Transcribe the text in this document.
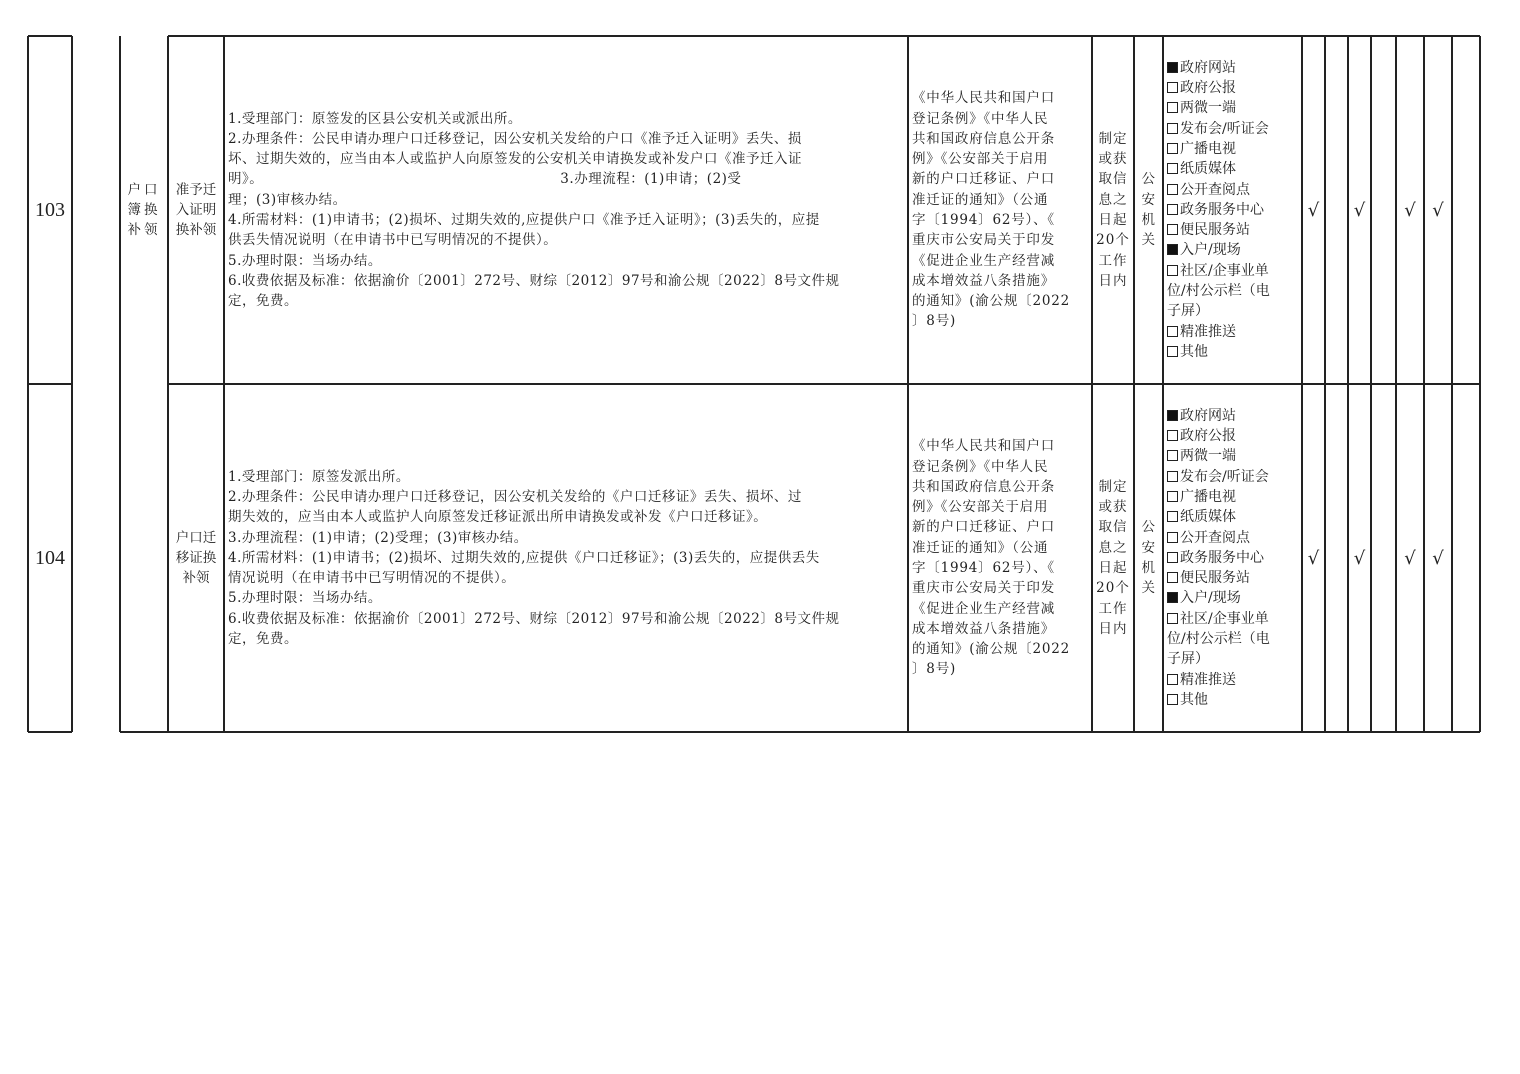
103
户口
簿换
补领
准予迁
入证明
换补领
1.受理部门：原签发的区县公安机关或派出所。
2.办理条件：公民申请办理户口迁移登记，因公安机关发给的户口《准予迁入证明》丢失、损
坏、过期失效的，应当由本人或监护人向原签发的公安机关申请换发或补发户口《准予迁入证
明》。                                                              3.办理流程：(1)申请；(2)受
理；(3)审核办结。
4.所需材料：(1)申请书；(2)损坏、过期失效的,应提供户口《准予迁入证明》；(3)丢失的，应提
供丢失情况说明（在申请书中已写明情况的不提供）。
5.办理时限：当场办结。
6.收费依据及标准：依据渝价〔2001〕272号、财综〔2012〕97号和渝公规〔2022〕8号文件规
定，免费。
《中华人民共和国户口
登记条例》《中华人民
共和国政府信息公开条
例》《公安部关于启用
新的户口迁移证、户口
准迁证的通知》（公通
字〔1994〕62号）、《
重庆市公安局关于印发
《促进企业生产经营减
成本增效益八条措施》
的通知》(渝公规〔2022
〕8号)
制定
或获
取信
息之
日起
20个
工作
日内
公
安
机
关
政府网站
政府公报
两微一端
发布会/听证会
广播电视
纸质媒体
公开查阅点
政务服务中心
便民服务站
入户/现场
社区/企事业单
位/村公示栏（电
子屏）
精准推送
其他
√ √ √ √
104
户口迁
移证换
补领
1.受理部门：原签发派出所。
2.办理条件：公民申请办理户口迁移登记，因公安机关发给的《户口迁移证》丢失、损坏、过
期失效的，应当由本人或监护人向原签发迁移证派出所申请换发或补发《户口迁移证》。
3.办理流程：(1)申请；(2)受理；(3)审核办结。
4.所需材料：(1)申请书；(2)损坏、过期失效的,应提供《户口迁移证》；(3)丢失的，应提供丢失
情况说明（在申请书中已写明情况的不提供）。
5.办理时限：当场办结。
6.收费依据及标准：依据渝价〔2001〕272号、财综〔2012〕97号和渝公规〔2022〕8号文件规
定，免费。
《中华人民共和国户口
登记条例》《中华人民
共和国政府信息公开条
例》《公安部关于启用
新的户口迁移证、户口
准迁证的通知》（公通
字〔1994〕62号）、《
重庆市公安局关于印发
《促进企业生产经营减
成本增效益八条措施》
的通知》(渝公规〔2022
〕8号)
制定
或获
取信
息之
日起
20个
工作
日内
公
安
机
关
政府网站
政府公报
两微一端
发布会/听证会
广播电视
纸质媒体
公开查阅点
政务服务中心
便民服务站
入户/现场
社区/企事业单
位/村公示栏（电
子屏）
精准推送
其他
√ √ √ √
